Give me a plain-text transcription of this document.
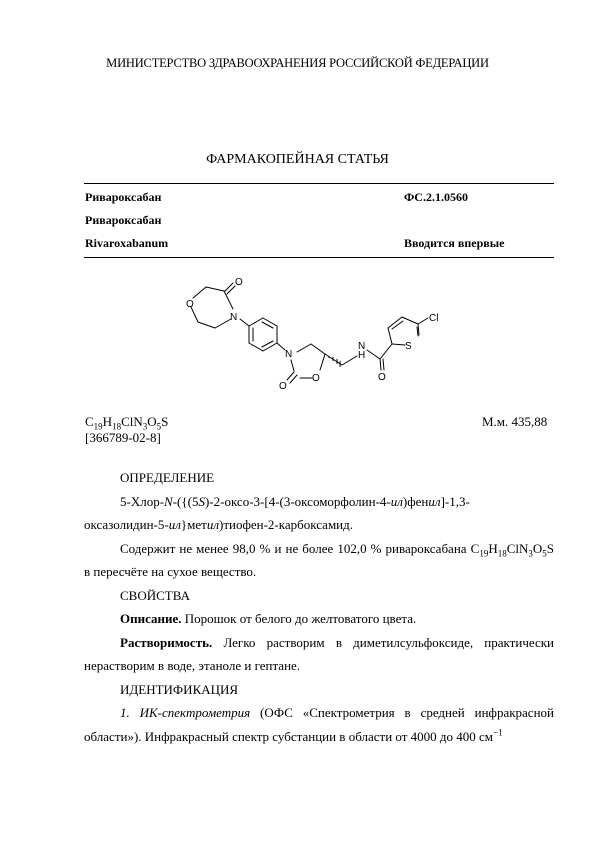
МИНИСТЕРСТВО ЗДРАВООХРАНЕНИЯ РОССИЙСКОЙ ФЕДЕРАЦИИ
ФАРМАКОПЕЙНАЯ СТАТЬЯ
Ривароксабан	ФС.2.1.0560
Ривароксабан
Rivaroxabanum	Вводится впервые
O
O
N
N
O
O
N
H
O
S
Cl
$C_{19}H_{18}ClN_3O_5S$
[366789-02-8]
М.м. 435,88

ОПРЕДЕЛЕНИЕ

5-Хлор-N-({(5S)-2-оксо-3-[4-(3-оксоморфолин-4-ил)фенил]-1,3-

оксазолидин-5-ил}метил)тиофен-2-карбоксамид.

Содержит не менее 98,0 % и не более 102,0 % ривароксабана $C_{19}H_{18}ClN_3O_5S$ в пересчёте на сухое вещество.

СВОЙСТВА

Описание. Порошок от белого до желтоватого цвета.

Растворимость. Легко растворим в диметилсульфоксиде, практически нерастворим в воде, этаноле и гептане.

ИДЕНТИФИКАЦИЯ

1. ИК-спектрометрия (ОФС «Спектрометрия в средней инфракрасной области»). Инфракрасный спектр субстанции в области от 4000 до 400 $см^{-1}$
